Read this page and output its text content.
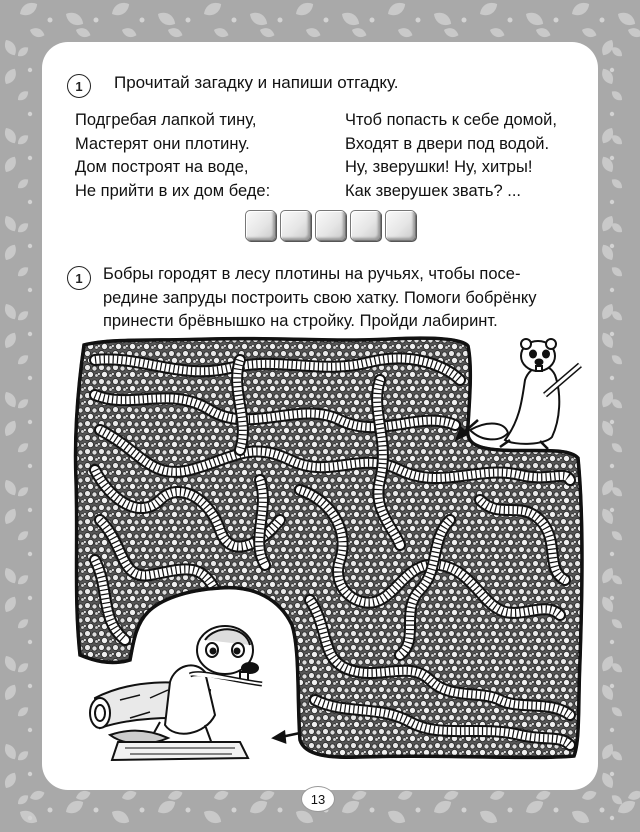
1	Прочитай загадку и напиши отгадку.
Подгребая лапкой тину,
Мастерят они плотину.
Дом построят на воде,
Не прийти в их дом беде:
Чтоб попасть к себе домой,
Входят в двери под водой.
Ну, зверушки! Ну, хитры!
Как зверушек звать? ...
1	Бобры городят в лесу плотины на ручьях, чтобы посе-
редине запруды построить свою хатку. Помоги бобрёнку
принести брёвнышко на стройку. Пройди лабиринт.
13
